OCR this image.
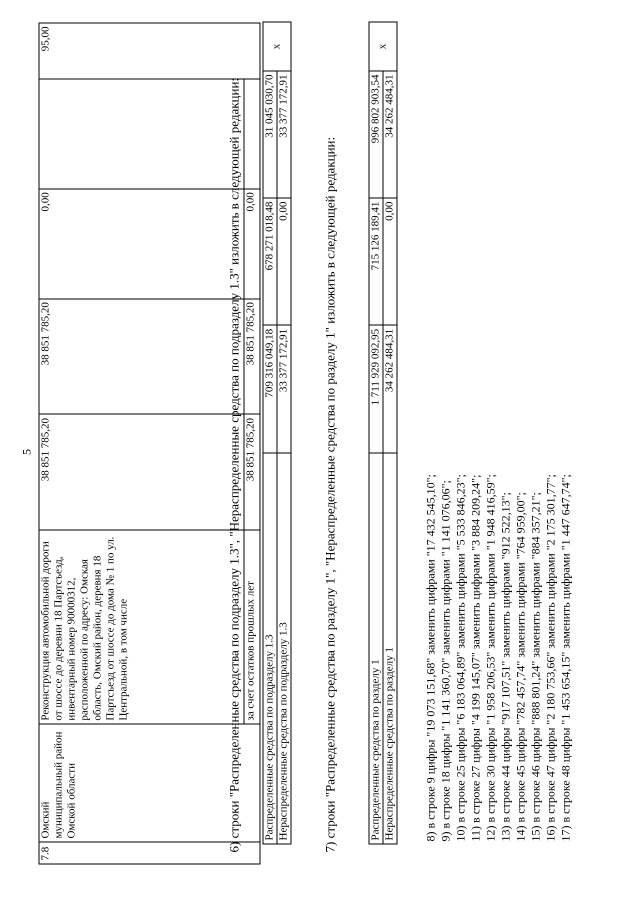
5
7.8	Омский муниципальный район Омской области	Реконструкция автомобильной дороги от шоссе до деревни 18 Партсъезд, инвентарный номер 90000312, расположенной по адресу: Омская область, Омский район, деревня 18 Партсъезд от шоссе до дома № 1 по ул. Центральной, в том числе	38 851 785,20	38 851 785,20	0,00		95,00
		за счет остатков прошлых лет	38 851 785,20	38 851 785,20	0,00		
6) строки "Распределенные средства по подразделу 1.3", "Нераспределенные средства по подразделу 1.3" изложить в следующей редакции: Распределенные средства по подразделу 1.3	709 316 049,18	678 271 018,48	31 045 030,70	x
Нераспределенные средства по подразделу 1.3	33 377 172,91	0,00	33 377 172,91	
7) строки "Распределенные средства по разделу 1", "Нераспределенные средства по разделу 1" изложить в следующей редакции:	Распределенные средства по разделу 1	1 711 929 092,95	715 126 189,41	996 802 903,54	x
Нераспределенные средства по разделу 1	34 262 484,31	0,00	34 262 484,31	
8) в строке 9 цифры "19 073 151,68" заменить цифрами "17 432 545,10"; 9) в строке 18 цифры "1 141 360,70" заменить цифрами "1 141 076,06"; 10) в строке 25 цифры "6 183 064,89" заменить цифрами "5 533 846,23"; 11) в строке 27 цифры "4 199 145,07" заменить цифрами "3 884 209,24"; 12) в строке 30 цифры "1 958 206,53" заменить цифрами "1 948 416,59"; 13) в строке 44 цифры "917 107,51" заменить цифрами "912 522,13"; 14) в строке 45 цифры "782 457,74" заменить цифрами "764 959,00"; 15) в строке 46 цифры "888 801,24" заменить цифрами "884 357,21"; 16) в строке 47 цифры "2 180 753,66" заменить цифрами "2 175 301,77"; 17) в строке 48 цифры "1 453 654,15" заменить цифрами "1 447 647,74";
